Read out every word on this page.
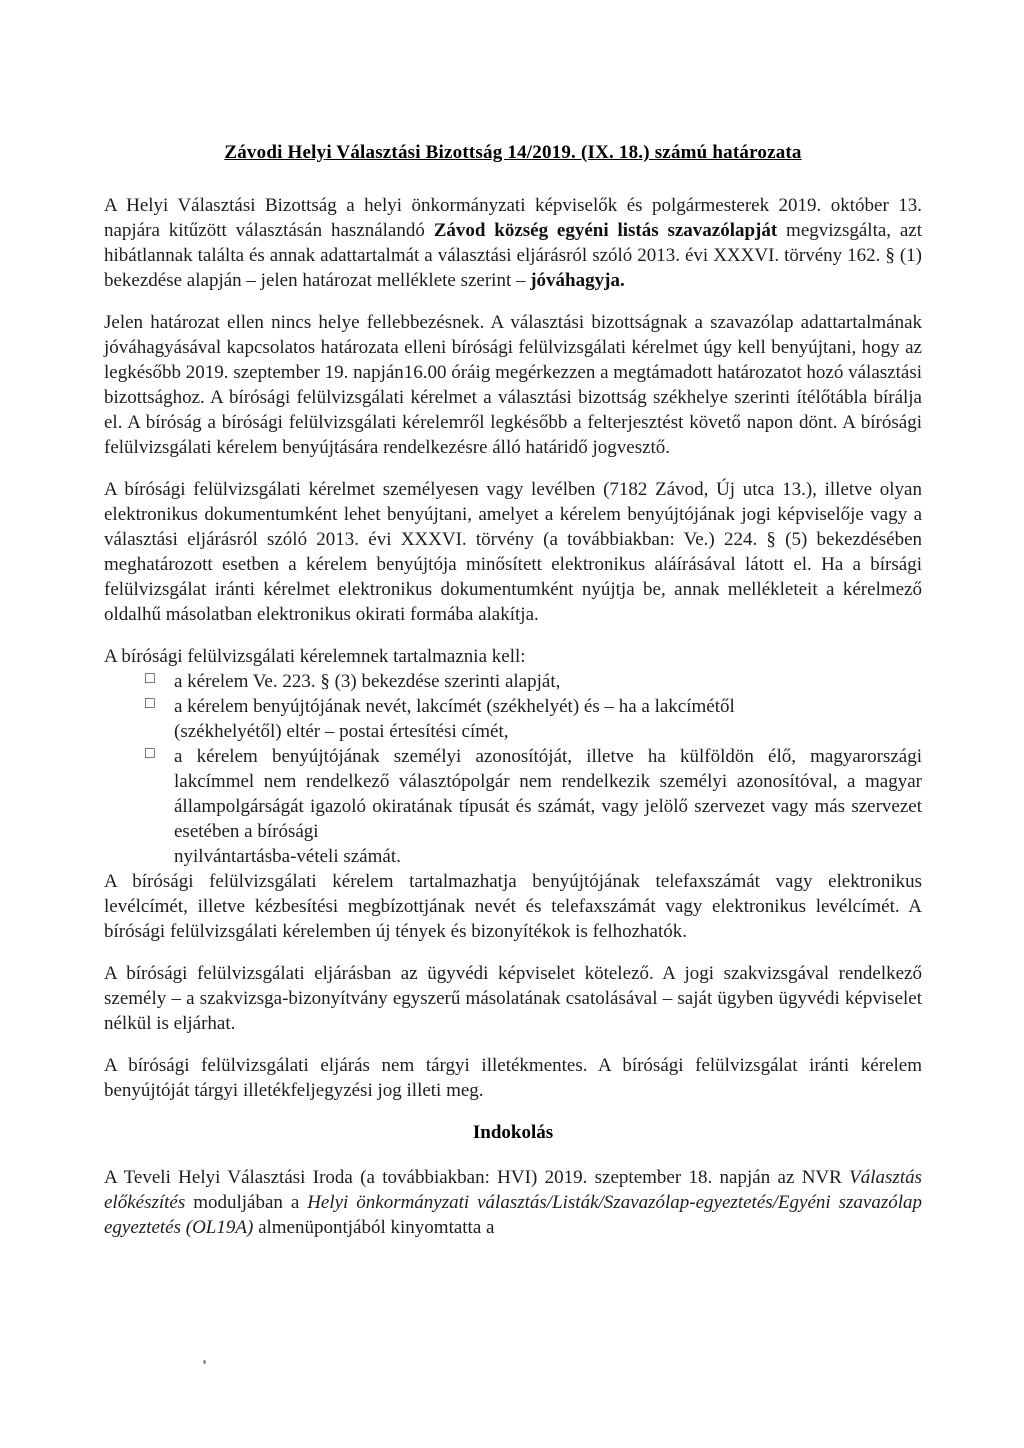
Závodi Helyi Választási Bizottság 14/2019. (IX. 18.) számú határozata

A Helyi Választási Bizottság a helyi önkormányzati képviselők és polgármesterek 2019. október 13. napjára kitűzött választásán használandó Závod község egyéni listás szavazólapját megvizsgálta, azt hibátlannak találta és annak adattartalmát a választási eljárásról szóló 2013. évi XXXVI. törvény 162. § (1) bekezdése alapján – jelen határozat melléklete szerint – jóváhagyja.

Jelen határozat ellen nincs helye fellebbezésnek. A választási bizottságnak a szavazólap adattartalmának jóváhagyásával kapcsolatos határozata elleni bírósági felülvizsgálati kérelmet úgy kell benyújtani, hogy az legkésőbb 2019. szeptember 19. napján16.00 óráig megérkezzen a megtámadott határozatot hozó választási bizottsághoz. A bírósági felülvizsgálati kérelmet a választási bizottság székhelye szerinti ítélőtábla bírálja el. A bíróság a bírósági felülvizsgálati kérelemről legkésőbb a felterjesztést követő napon dönt. A bírósági felülvizsgálati kérelem benyújtására rendelkezésre álló határidő jogvesztő.

A bírósági felülvizsgálati kérelmet személyesen vagy levélben (7182 Závod, Új utca 13.), illetve olyan elektronikus dokumentumként lehet benyújtani, amelyet a kérelem benyújtójának jogi képviselője vagy a választási eljárásról szóló 2013. évi XXXVI. törvény (a továbbiakban: Ve.) 224. § (5) bekezdésében meghatározott esetben a kérelem benyújtója minősített elektronikus aláírásával látott el. Ha a bírsági felülvizsgálat iránti kérelmet elektronikus dokumentumként nyújtja be, annak mellékleteit a kérelmező oldalhű másolatban elektronikus okirati formába alakítja.

A bírósági felülvizsgálati kérelemnek tartalmaznia kell:

□ a kérelem Ve. 223. § (3) bekezdése szerinti alapját,
□ a kérelem benyújtójának nevét, lakcímét (székhelyét) és – ha a lakcímétől
(székhelyétől) eltér – postai értesítési címét,
□ a kérelem benyújtójának személyi azonosítóját, illetve ha külföldön élő, magyarországi lakcímmel nem rendelkező választópolgár nem rendelkezik személyi azonosítóval, a magyar állampolgárságát igazoló okiratának típusát és számát, vagy jelölő szervezet vagy más szervezet esetében a bírósági
nyilvántartásba-vételi számát.

A bírósági felülvizsgálati kérelem tartalmazhatja benyújtójának telefaxszámát vagy elektronikus levélcímét, illetve kézbesítési megbízottjának nevét és telefaxszámát vagy elektronikus levélcímét. A bírósági felülvizsgálati kérelemben új tények és bizonyítékok is felhozhatók.

A bírósági felülvizsgálati eljárásban az ügyvédi képviselet kötelező. A jogi szakvizsgával rendelkező személy – a szakvizsga-bizonyítvány egyszerű másolatának csatolásával – saját ügyben ügyvédi képviselet nélkül is eljárhat.

A bírósági felülvizsgálati eljárás nem tárgyi illetékmentes. A bírósági felülvizsgálat iránti kérelem benyújtóját tárgyi illetékfeljegyzési jog illeti meg.

Indokolás

A Teveli Helyi Választási Iroda (a továbbiakban: HVI) 2019. szeptember 18. napján az NVR Választás előkészítés moduljában a Helyi önkormányzati választás/Listák/Szavazólap-egyeztetés/Egyéni szavazólap egyeztetés (OL19A) almenüpontjából kinyomtatta a
